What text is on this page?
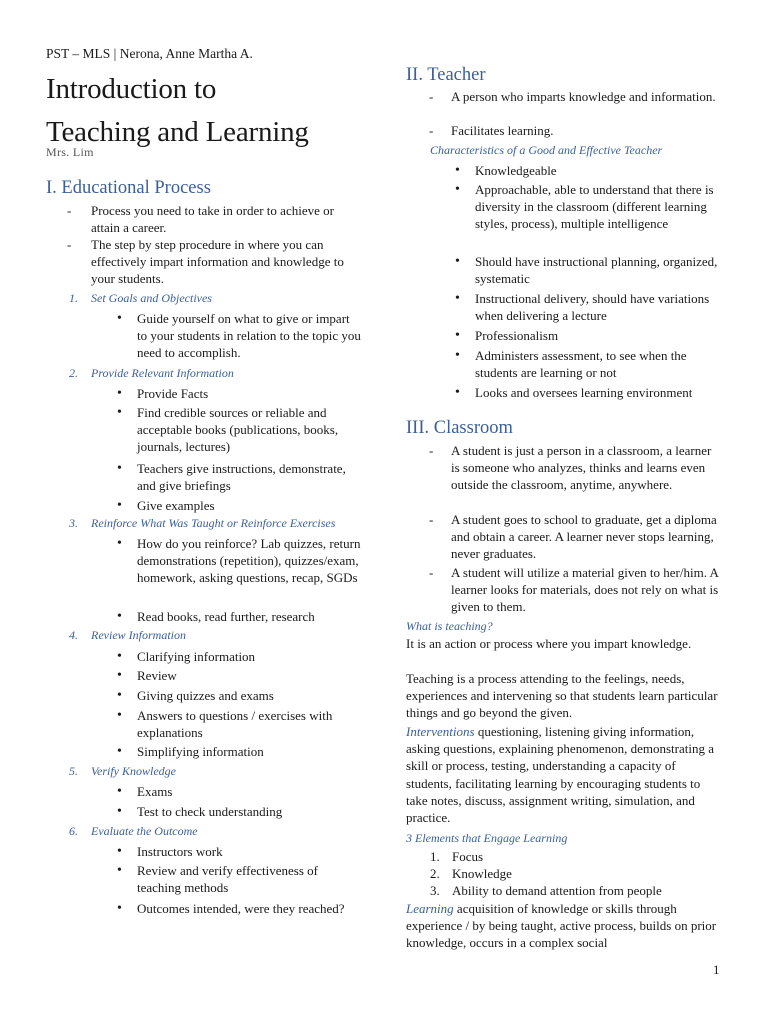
PST – MLS | Nerona, Anne Martha A.
Introduction to
Teaching and Learning
Mrs. Lim
I. Educational Process
- Process you need to take in order to achieve or attain a career.
- The step by step procedure in where you can effectively impart information and knowledge to your students.
1. Set Goals and Objectives
• Guide yourself on what to give or impart to your students in relation to the topic you need to accomplish.
2. Provide Relevant Information
• Provide Facts
• Find credible sources or reliable and acceptable books (publications, books, journals, lectures)
• Teachers give instructions, demonstrate, and give briefings
• Give examples
3. Reinforce What Was Taught or Reinforce Exercises
• How do you reinforce? Lab quizzes, return demonstrations (repetition), quizzes/exam, homework, asking questions, recap, SGDs
• Read books, read further, research
4. Review Information
• Clarifying information
• Review
• Giving quizzes and exams
• Answers to questions / exercises with explanations
• Simplifying information
5. Verify Knowledge
• Exams
• Test to check understanding
6. Evaluate the Outcome
• Instructors work
• Review and verify effectiveness of teaching methods
• Outcomes intended, were they reached?
II. Teacher
- A person who imparts knowledge and information.
- Facilitates learning.
Characteristics of a Good and Effective Teacher
• Knowledgeable
• Approachable, able to understand that there is diversity in the classroom (different learning styles, process), multiple intelligence
• Should have instructional planning, organized, systematic
• Instructional delivery, should have variations when delivering a lecture
• Professionalism
• Administers assessment, to see when the students are learning or not
• Looks and oversees learning environment
III. Classroom
- A student is just a person in a classroom, a learner is someone who analyzes, thinks and learns even outside the classroom, anytime, anywhere.
- A student goes to school to graduate, get a diploma and obtain a career. A learner never stops learning, never graduates.
- A student will utilize a material given to her/him. A learner looks for materials, does not rely on what is given to them.
What is teaching?
It is an action or process where you impart knowledge.
Teaching is a process attending to the feelings, needs, experiences and intervening so that students learn particular things and go beyond the given.
Interventions questioning, listening giving information, asking questions, explaining phenomenon, demonstrating a skill or process, testing, understanding a capacity of students, facilitating learning by encouraging students to take notes, discuss, assignment writing, simulation, and practice.
3 Elements that Engage Learning
1. Focus
2. Knowledge
3. Ability to demand attention from people
Learning acquisition of knowledge or skills through experience / by being taught, active process, builds on prior knowledge, occurs in a complex social
1
